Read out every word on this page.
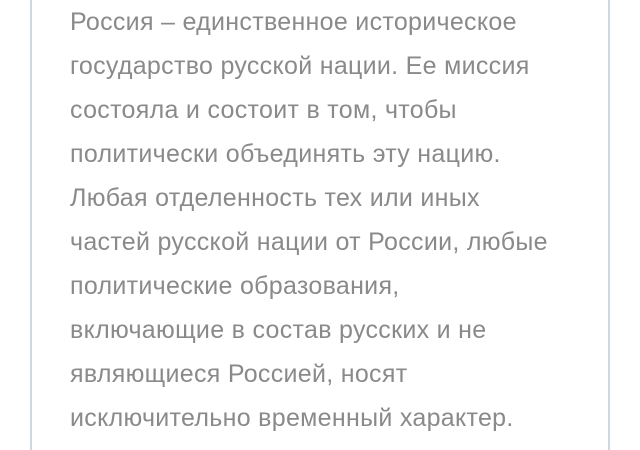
Россия – единственное историческое
государство русской нации. Ее миссия
состояла и состоит в том, чтобы
политически объединять эту нацию.
Любая отделенность тех или иных
частей русской нации от России, любые
политические образования,
включающие в состав русских и не
являющиеся Россией, носят
исключительно временный характер.
